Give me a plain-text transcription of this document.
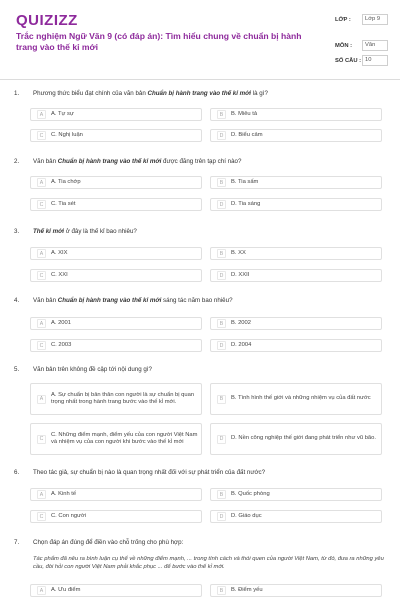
QUIZIZZ
Trắc nghiệm Ngữ Văn 9 (có đáp án): Tìm hiểu chung về chuẩn bị hành trang vào thế kỉ mới
LỚP :	Lớp 9
MÔN :	Văn
SỐ CÂU : 10
1. Phương thức biểu đạt chính của văn bản Chuẩn bị hành trang vào thế kỉ mới là gì?
A	A. Tự sự	B	B. Miêu tả
C	C. Nghị luận	D	D. Biểu cảm
2. Văn bản Chuẩn bị hành trang vào thế kỉ mới được đăng trên tạp chí nào?
A	A. Tia chớp	B	B. Tia sấm
C	C. Tia sét	D	D. Tia sáng
3. Thế kỉ mới ở đây là thế kỉ bao nhiêu?
A	A. XIX	B	B. XX
C	C. XXI	D	D. XXII
4. Văn bản Chuẩn bị hành trang vào thế kỉ mới sáng tác năm bao nhiêu?
A	A. 2001	B	B. 2002
C	C. 2003	D	D. 2004
5. Văn bản trên không đề cập tới nội dung gì?
A
A. Sự chuẩn bị bản thân con người là sự chuẩn bị quan trọng nhất trong hành trang bước vào thế kỉ mới.	B	B. Tình hình thế giới và những nhiệm vụ của đất nước
C
C. Những điểm mạnh, điểm yếu của con người Việt Nam và nhiệm vụ của con người khi bước vào thế kỉ mới	D	D. Nền công nghiệp thế giới đang phát triển như vũ bão.
6. Theo tác giả, sự chuẩn bị nào là quan trọng nhất đối với sự phát triển của đất nước?
A	A. Kinh tế	B	B. Quốc phòng
C	C. Con người	D	D. Giáo dục
7. Chọn đáp án đúng để điền vào chỗ trống cho phù hợp:
Tác phẩm đã nêu ra bình luận cụ thể về những điểm mạnh, ... trong tính cách và thói quen của người Việt Nam, từ đó, đưa ra những yêu cầu, đòi hỏi con người Việt Nam phải khắc phục ... để bước vào thế kỉ mới.
A	A. Ưu điểm	B	B. Điểm yếu
